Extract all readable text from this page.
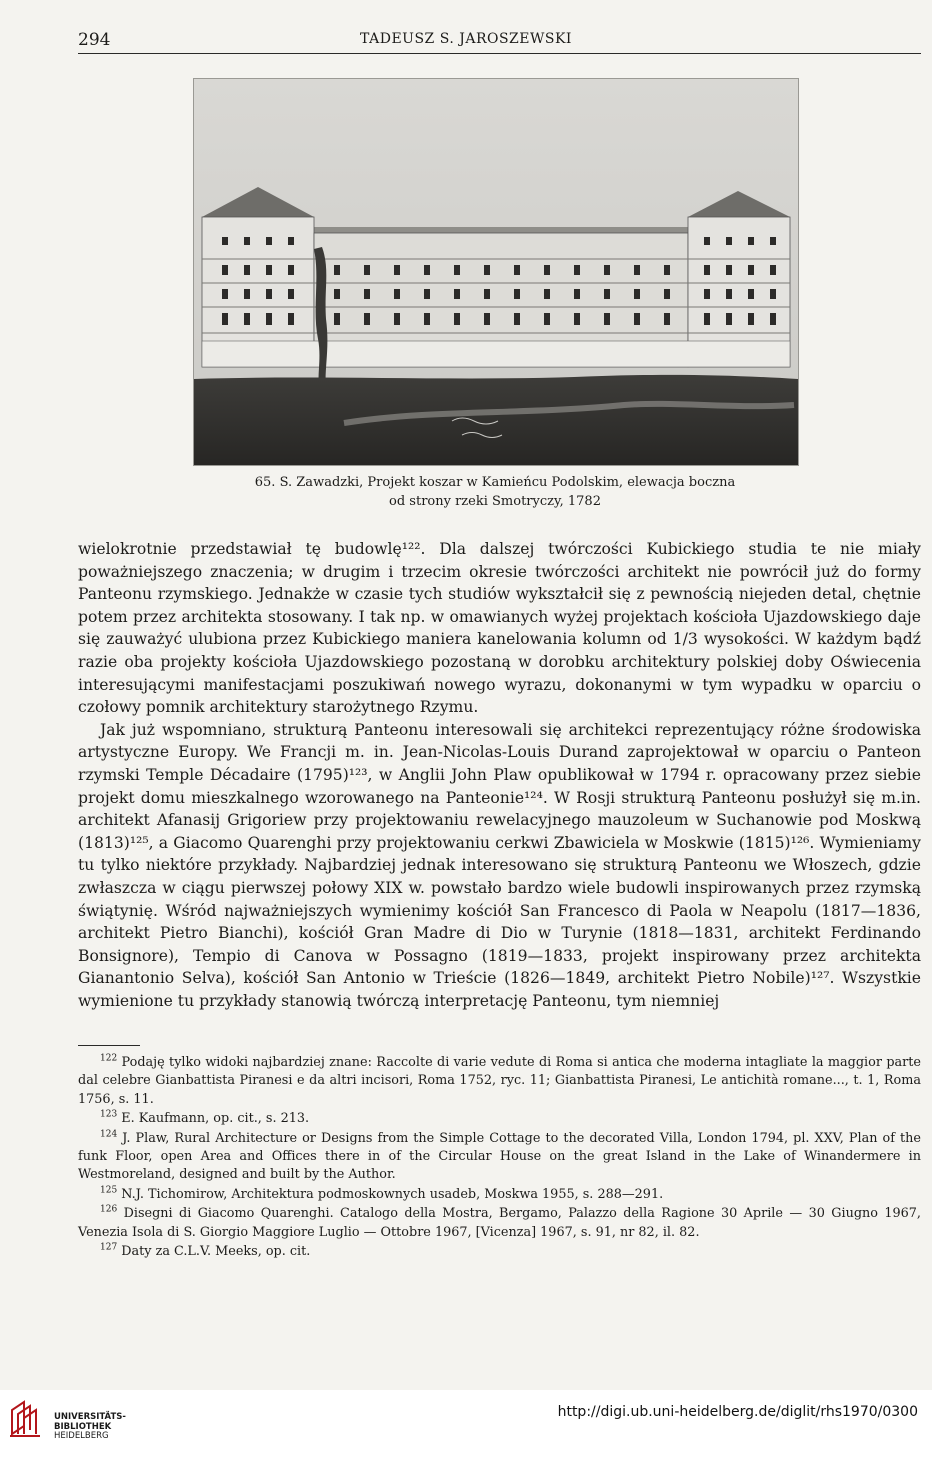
294	TADEUSZ S. JAROSZEWSKI
65. S. Zawadzki, Projekt koszar w Kamieńcu Podolskim, elewacja boczna
od strony rzeki Smotryczy, 1782

wielokrotnie przedstawiał tę budowlę¹²². Dla dalszej twórczości Kubickiego studia te nie miały poważniejszego znaczenia; w drugim i trzecim okresie twórczości architekt nie powrócił już do formy Panteonu rzymskiego. Jednakże w czasie tych studiów wykształcił się z pewnością niejeden detal, chętnie potem przez architekta stosowany. I tak np. w omawianych wyżej projektach kościoła Ujazdowskiego daje się zauważyć ulubiona przez Kubickiego maniera kanelowania kolumn od 1/3 wysokości. W każdym bądź razie oba projekty kościoła Ujazdowskiego pozostaną w dorobku architektury polskiej doby Oświecenia interesującymi manifestacjami poszukiwań nowego wyrazu, dokonanymi w tym wypadku w oparciu o czołowy pomnik architektury starożytnego Rzymu.

Jak już wspomniano, strukturą Panteonu interesowali się architekci reprezentujący różne środowiska artystyczne Europy. We Francji m. in. Jean-Nicolas-Louis Durand zaprojektował w oparciu o Panteon rzymski Temple Décadaire (1795)¹²³, w Anglii John Plaw opublikował w 1794 r. opracowany przez siebie projekt domu mieszkalnego wzorowanego na Panteonie¹²⁴. W Rosji strukturą Panteonu posłużył się m.in. architekt Afanasij Grigoriew przy projektowaniu rewelacyjnego mauzoleum w Suchanowie pod Moskwą (1813)¹²⁵, a Giacomo Quarenghi przy projektowaniu cerkwi Zbawiciela w Moskwie (1815)¹²⁶. Wymieniamy tu tylko niektóre przykłady. Najbardziej jednak interesowano się strukturą Panteonu we Włoszech, gdzie zwłaszcza w ciągu pierwszej połowy XIX w. powstało bardzo wiele budowli inspirowanych przez rzymską świątynię. Wśród najważniejszych wymienimy kościół San Francesco di Paola w Neapolu (1817—1836, architekt Pietro Bianchi), kościół Gran Madre di Dio w Turynie (1818—1831, architekt Ferdinando Bonsignore), Tempio di Canova w Possagno (1819—1833, projekt inspirowany przez architekta Gianantonio Selva), kościół San Antonio w Trieście (1826—1849, architekt Pietro Nobile)¹²⁷. Wszystkie wymienione tu przykłady stanowią twórczą interpretację Panteonu, tym niemniej

$^{122}$ Podaję tylko widoki najbardziej znane: Raccolte di varie vedute di Roma si antica che moderna intagliate la maggior parte dal celebre Gianbattista Piranesi e da altri incisori, Roma 1752, ryc. 11; Gianbattista Piranesi, Le antichità romane..., t. 1, Roma 1756, s. 11.

$^{123}$ E. Kaufmann, op. cit., s. 213.

$^{124}$ J. Plaw, Rural Architecture or Designs from the Simple Cottage to the decorated Villa, London 1794, pl. XXV, Plan of the funk Floor, open Area and Offices there in of the Circular House on the great Island in the Lake of Winandermere in Westmoreland, designed and built by the Author.

$^{125}$ N.J. Tichomirow, Architektura podmoskownych usadeb, Moskwa 1955, s. 288—291.

$^{126}$ Disegni di Giacomo Quarenghi. Catalogo della Mostra, Bergamo, Palazzo della Ragione 30 Aprile — 30 Giugno 1967, Venezia Isola di S. Giorgio Maggiore Luglio — Ottobre 1967, [Vicenza] 1967, s. 91, nr 82, il. 82.

$^{127}$ Daty za C.L.V. Meeks, op. cit.

UNIVERSITÄTS-
BIBLIOTHEK
HEIDELBERG
http://digi.ub.uni-heidelberg.de/diglit/rhs1970/0300
